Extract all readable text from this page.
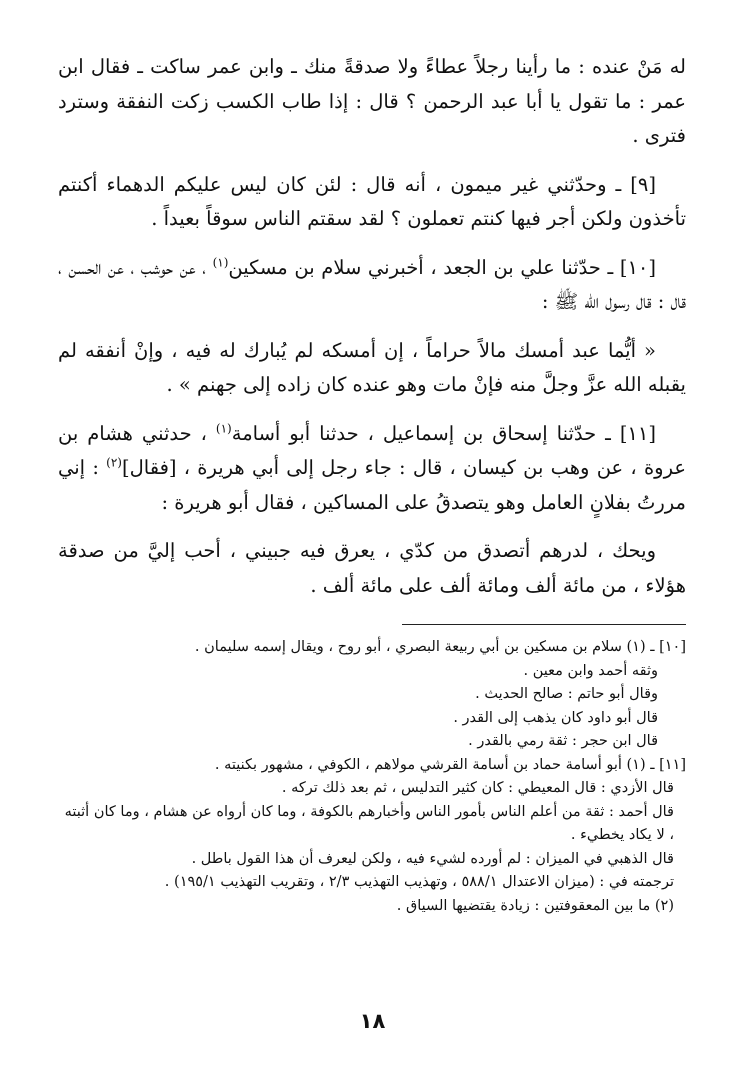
له مَنْ عنده : ما رأينا رجلاً عطاءً ولا صدقةً منك ـ وابن عمر ساكت ـ فقال ابن عمر : ما تقول يا أبا عبد الرحمن ؟ قال : إذا طاب الكسب زكت النفقة وسترد فترى .

[٩] ـ وحدّثني غير ميمون ، أنه قال : لئن كان ليس عليكم الدهماء أكنتم تأخذون ولكن أجر فيها كنتم تعملون ؟ لقد سقتم الناس سوقاً بعيداً .

[١٠] ـ حدّثنا علي بن الجعد ، أخبرني سلام بن مسكين$^{(١)}$ ، عن حوشب ، عن الحسن ، قال : قال رسول الله ﷺ :

« أيُّما عبد أمسك مالاً حراماً ، إن أمسكه لم يُبارك له فيه ، وإنْ أنفقه لم يقبله الله عزَّ وجلَّ منه فإنْ مات وهو عنده كان زاده إلى جهنم » .

[١١] ـ حدّثنا إسحاق بن إسماعيل ، حدثنا أبو أسامة$^{(١)}$ ، حدثني هشام بن عروة ، عن وهب بن كيسان ، قال : جاء رجل إلى أبي هريرة ، [فقال]$^{(٢)}$ : إني مررتُ بفلانٍ العامل وهو يتصدقُ على المساكين ، فقال أبو هريرة :

ويحك ، لدرهم أتصدق من كدّي ، يعرق فيه جبيني ، أحب إليَّ من صدقة هؤلاء ، من مائة ألف ومائة ألف على مائة ألف .

[١٠] ـ (١) سلام بن مسكين بن أبي ربيعة البصري ، أبو روح ، ويقال إسمه سليمان .

وثقه أحمد وابن معين .

وقال أبو حاتم : صالح الحديث .

قال أبو داود كان يذهب إلى القدر .

قال ابن حجر : ثقة رمي بالقدر .

[١١] ـ (١) أبو أسامة حماد بن أسامة القرشي مولاهم ، الكوفي ، مشهور بكنيته .

قال الأزدي : قال المعيطي : كان كثير التدليس ، ثم بعد ذلك تركه .

قال أحمد : ثقة من أعلم الناس بأمور الناس وأخبارهم بالكوفة ، وما كان أرواه عن هشام ، وما كان أثبته ، لا يكاد يخطيء .

قال الذهبي في الميزان : لم أورده لشيء فيه ، ولكن ليعرف أن هذا القول باطل .

ترجمته في : (ميزان الاعتدال ٥٨٨/١ ، وتهذيب التهذيب ٢/٣ ، وتقريب التهذيب ١٩٥/١) .

(٢) ما بين المعقوفتين : زيادة يقتضيها السياق .

١٨
